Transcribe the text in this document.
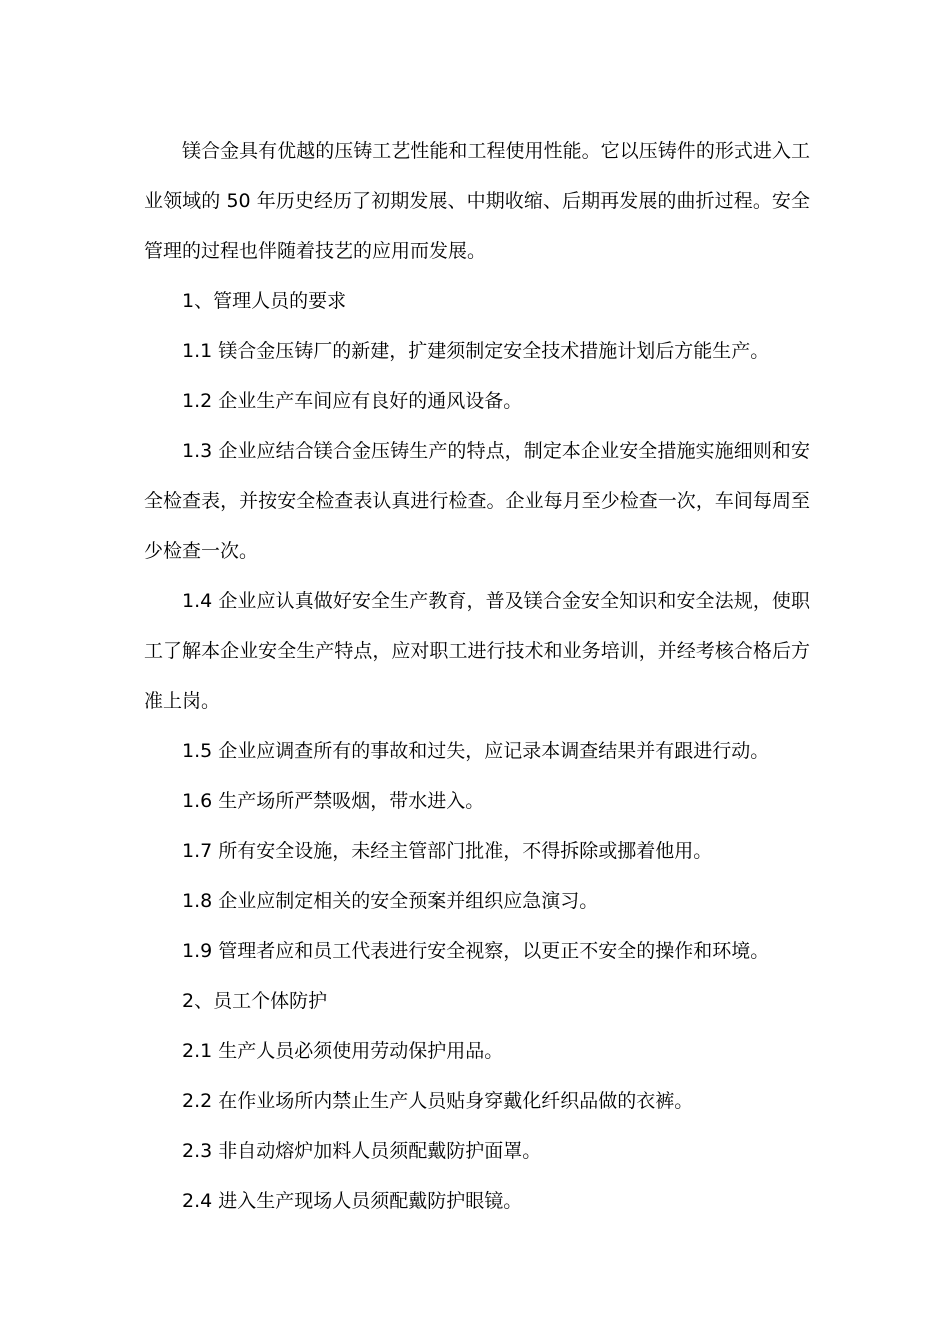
镁合金具有优越的压铸工艺性能和工程使用性能。它以压铸件的形式进入工业领域的 50 年历史经历了初期发展、中期收缩、后期再发展的曲折过程。安全管理的过程也伴随着技艺的应用而发展。

1、管理人员的要求

1.1 镁合金压铸厂的新建，扩建须制定安全技术措施计划后方能生产。

1.2 企业生产车间应有良好的通风设备。

1.3 企业应结合镁合金压铸生产的特点，制定本企业安全措施实施细则和安全检查表，并按安全检查表认真进行检查。企业每月至少检查一次，车间每周至少检查一次。

1.4 企业应认真做好安全生产教育，普及镁合金安全知识和安全法规，使职工了解本企业安全生产特点，应对职工进行技术和业务培训，并经考核合格后方准上岗。

1.5 企业应调查所有的事故和过失，应记录本调查结果并有跟进行动。

1.6 生产场所严禁吸烟，带水进入。

1.7 所有安全设施，未经主管部门批准，不得拆除或挪着他用。

1.8 企业应制定相关的安全预案并组织应急演习。

1.9 管理者应和员工代表进行安全视察，以更正不安全的操作和环境。

2、员工个体防护

2.1 生产人员必须使用劳动保护用品。

2.2 在作业场所内禁止生产人员贴身穿戴化纤织品做的衣裤。

2.3 非自动熔炉加料人员须配戴防护面罩。

2.4 进入生产现场人员须配戴防护眼镜。
